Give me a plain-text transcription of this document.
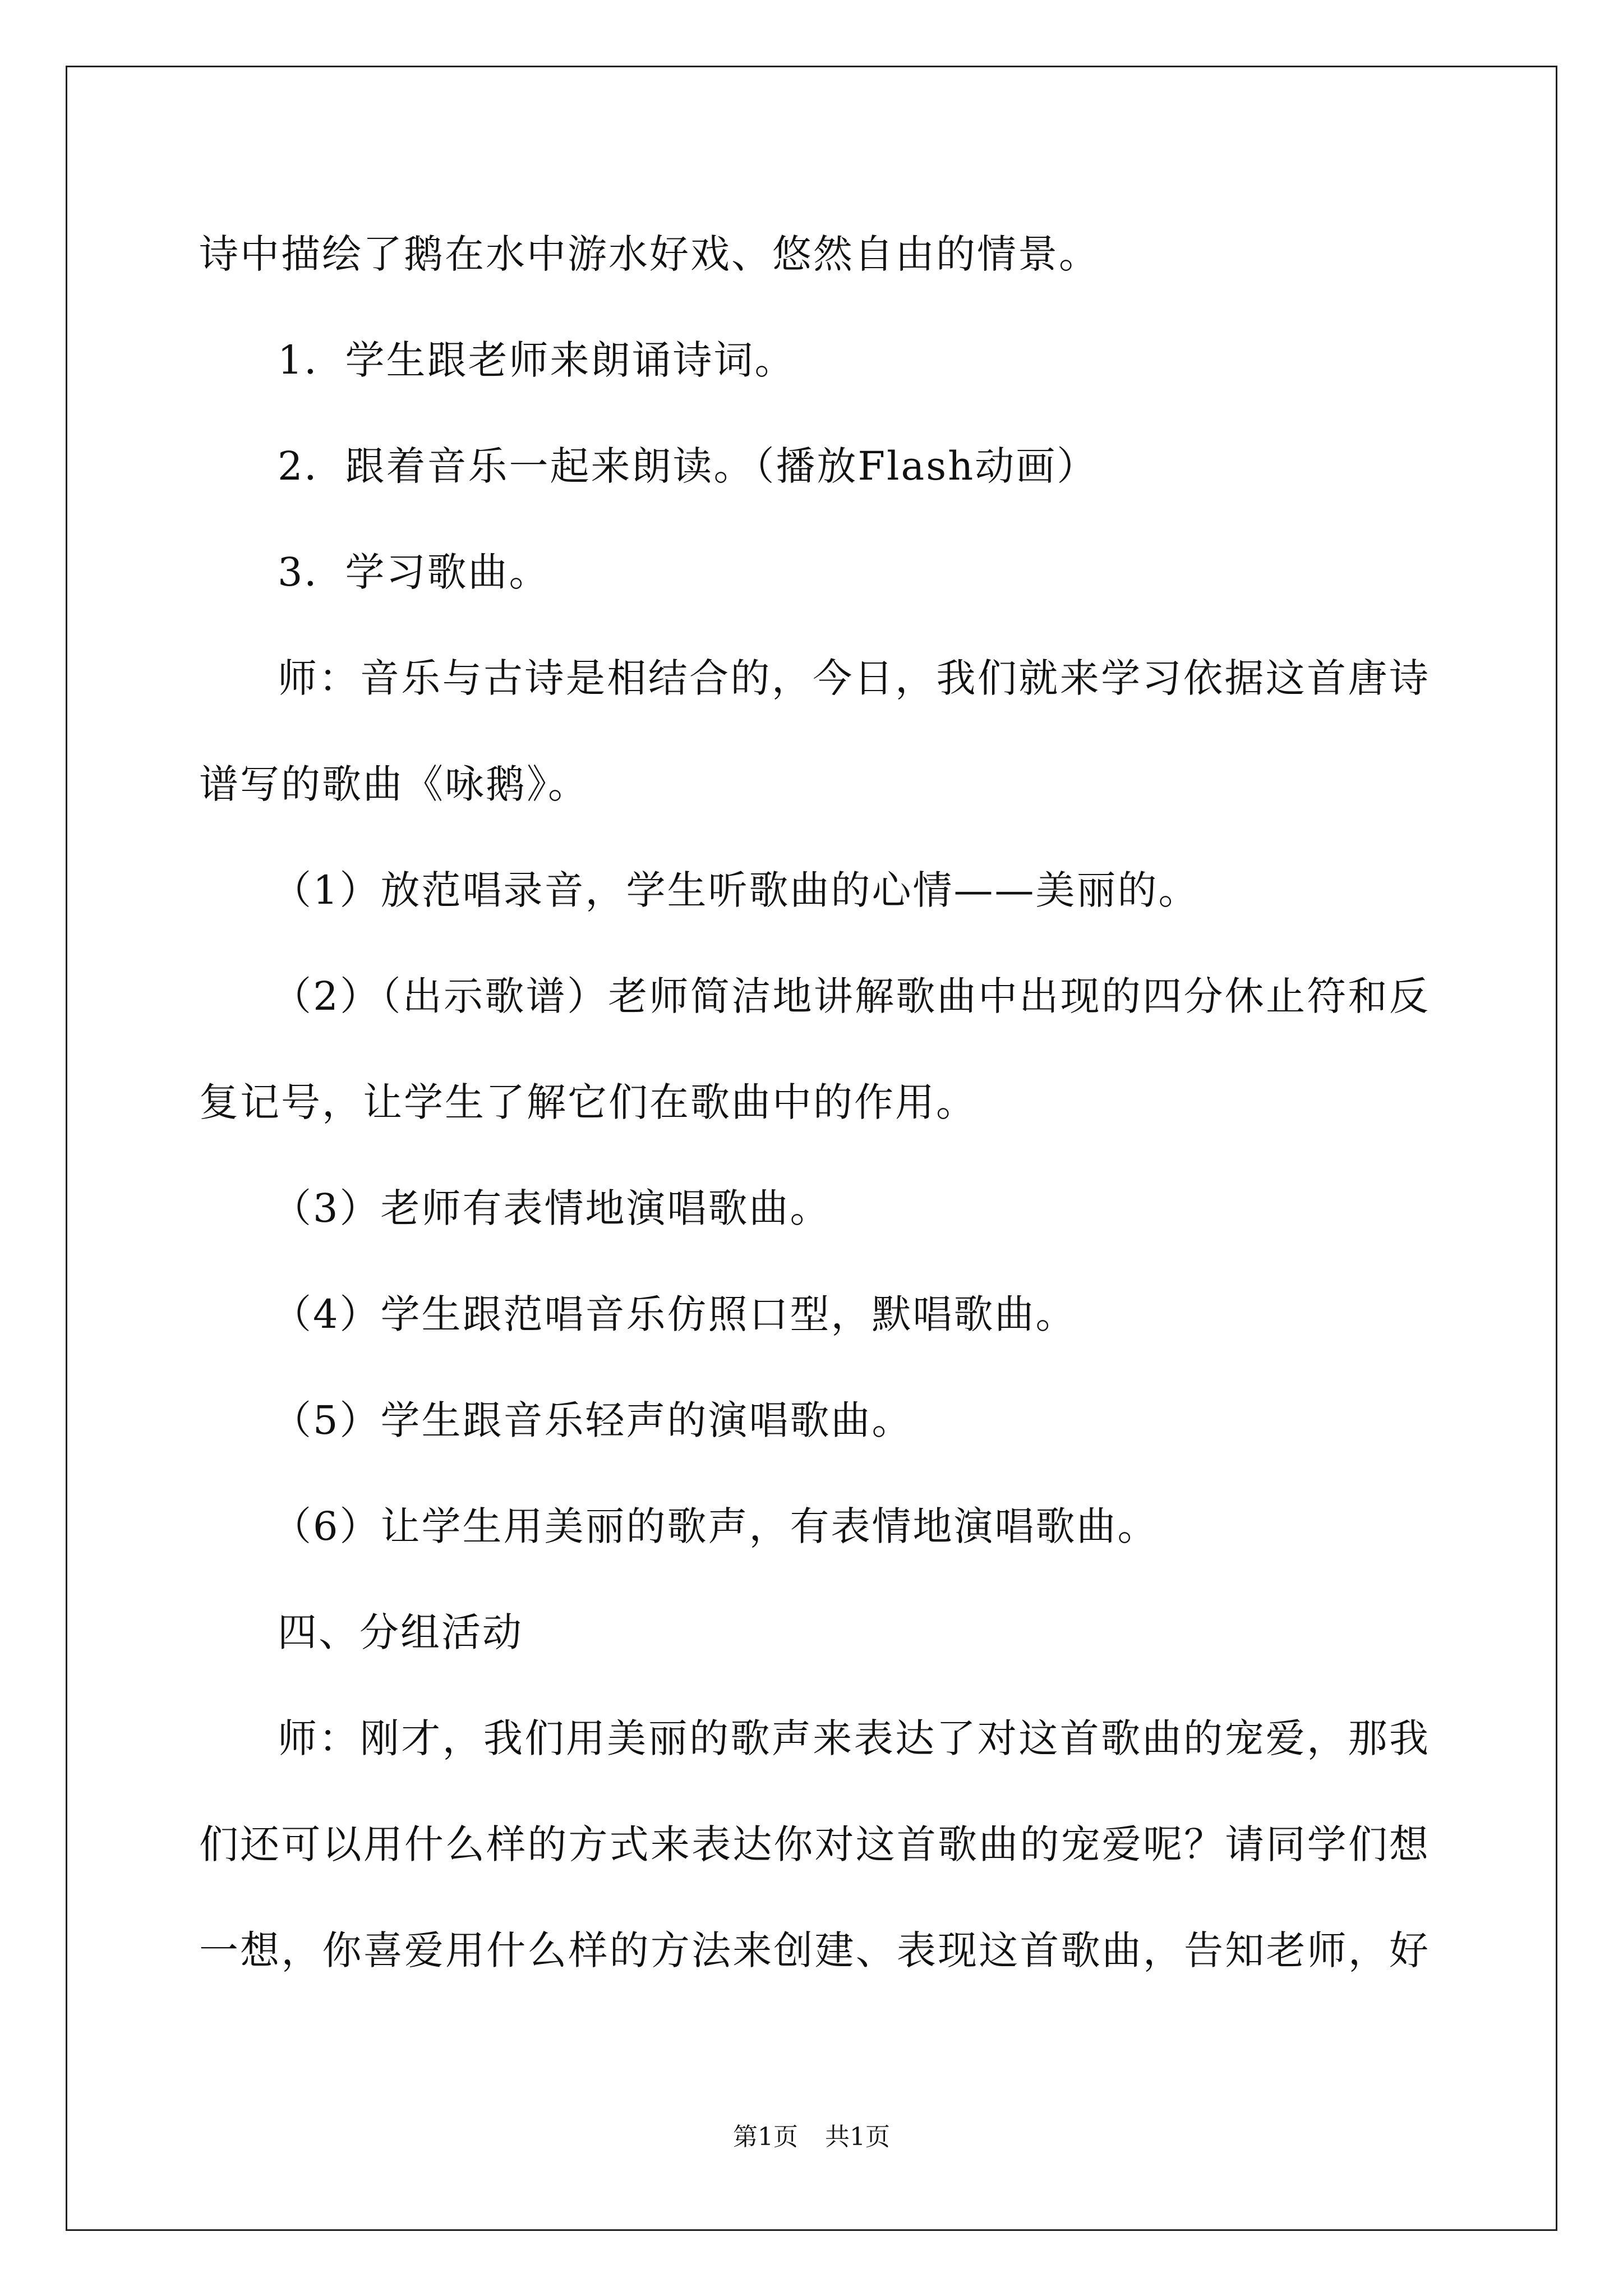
诗中描绘了鹅在水中游水好戏、悠然自由的情景。
1．学生跟老师来朗诵诗词。
2．跟着音乐一起来朗读。（播放Flash动画）
3．学习歌曲。
师：音乐与古诗是相结合的，今日，我们就来学习依据这首唐诗
谱写的歌曲《咏鹅》。
（1）放范唱录音，学生听歌曲的心情——美丽的。
（2）（出示歌谱）老师简洁地讲解歌曲中出现的四分休止符和反
复记号，让学生了解它们在歌曲中的作用。
（3）老师有表情地演唱歌曲。
（4）学生跟范唱音乐仿照口型，默唱歌曲。
（5）学生跟音乐轻声的演唱歌曲。
（6）让学生用美丽的歌声，有表情地演唱歌曲。
四、分组活动
师：刚才，我们用美丽的歌声来表达了对这首歌曲的宠爱，那我
们还可以用什么样的方式来表达你对这首歌曲的宠爱呢？请同学们想
一想，你喜爱用什么样的方法来创建、表现这首歌曲，告知老师，好
第1页 共1页
